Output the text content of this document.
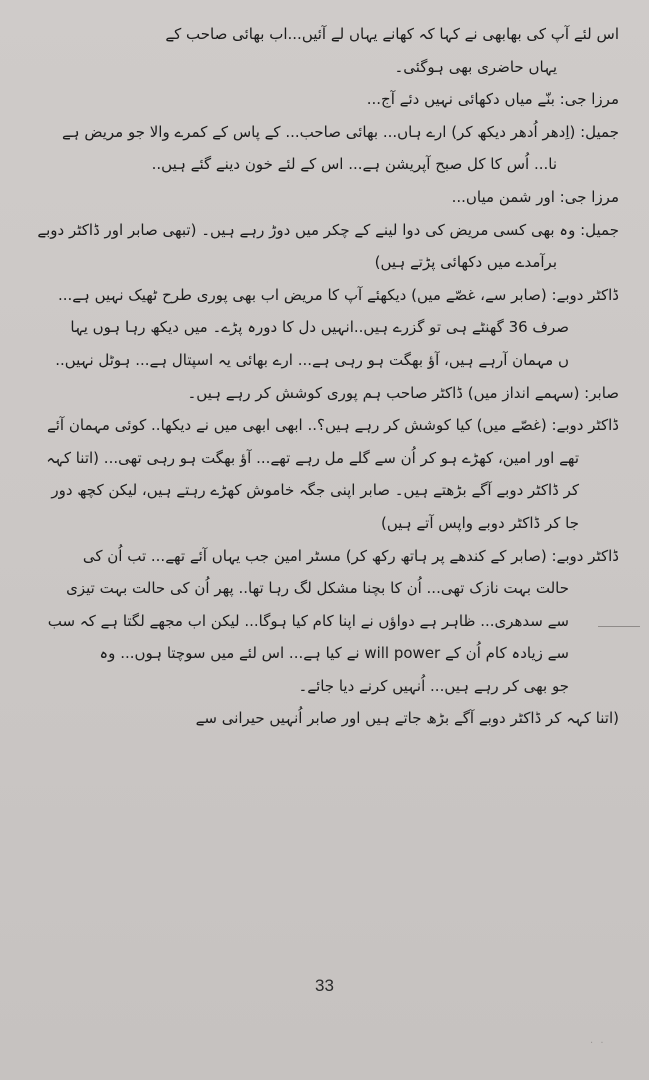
اس لئے آپ کی بھابھی نے کہا کہ کھانے یہاں لے آئیں...اب بھائی صاحب کے
یہاں حاضری بھی ہوگئی۔
مرزا جی: بنّے میاں دکھائی نہیں دئے آج...
جمیل: (اِدھر اُدھر دیکھ کر) ارے ہاں... بھائی صاحب... کے پاس کے کمرے والا جو مریض ہے
نا... اُس کا کل صبح آپریشن ہے... اس کے لئے خون دینے گئے ہیں..
مرزا جی: اور شمن میاں...
جمیل: وہ بھی کسی مریض کی دوا لینے کے چکر میں دوڑ رہے ہیں۔ (تبھی صابر اور ڈاکٹر دوبے
برآمدے میں دکھائی پڑتے ہیں)
ڈاکٹر دوبے: (صابر سے، غصّے میں) دیکھئے آپ کا مریض اب بھی پوری طرح ٹھیک نہیں ہے...
صرف 36 گھنٹے ہی تو گزرے ہیں..انہیں دل کا دورہ پڑے۔ میں دیکھ رہا ہوں یہا
ں مہمان آرہے ہیں، آؤ بھگت ہو رہی ہے... ارے بھائی یہ اسپتال ہے... ہوٹل نہیں..
صابر: (سہمے انداز میں) ڈاکٹر صاحب ہم پوری کوشش کر رہے ہیں۔
ڈاکٹر دوبے: (غصّے میں) کیا کوشش کر رہے ہیں؟.. ابھی ابھی میں نے دیکھا.. کوئی مہمان آئے
تھے اور امین، کھڑے ہو کر اُن سے گلے مل رہے تھے... آؤ بھگت ہو رہی تھی... (اتنا کہہ
کر ڈاکٹر دوبے آگے بڑھتے ہیں۔ صابر اپنی جگہ خاموش کھڑے رہتے ہیں، لیکن کچھ دور
جا کر ڈاکٹر دوبے واپس آتے ہیں)
ڈاکٹر دوبے: (صابر کے کندھے پر ہاتھ رکھ کر) مسٹر امین جب یہاں آئے تھے... تب اُن کی
حالت بہت نازک تھی... اُن کا بچنا مشکل لگ رہا تھا.. پھر اُن کی حالت بہت تیزی
سے سدھری... ظاہر ہے دواؤں نے اپنا کام کیا ہوگا... لیکن اب مجھے لگتا ہے کہ سب
سے زیادہ کام اُن کے will power نے کیا ہے... اس لئے میں سوچتا ہوں... وہ
جو بھی کر رہے ہیں... اُنہیں کرنے دیا جائے۔
(اتنا کہہ کر ڈاکٹر دوبے آگے بڑھ جاتے ہیں اور صابر اُنہیں حیرانی سے
· ·
33
